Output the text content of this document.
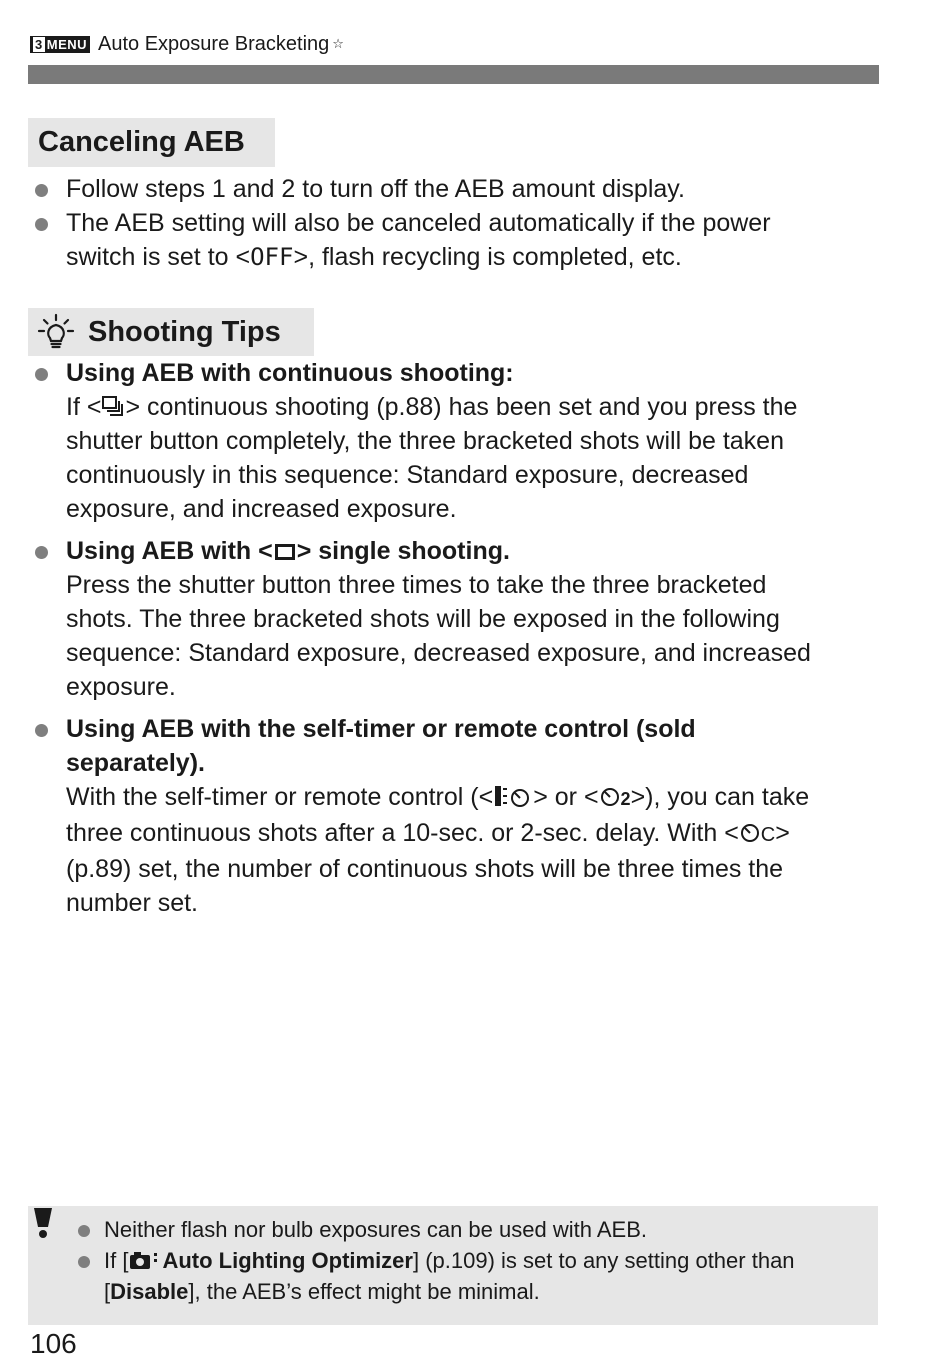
3 MENU Auto Exposure Bracketing ☆
Canceling AEB
Follow steps 1 and 2 to turn off the AEB amount display.
The AEB setting will also be canceled automatically if the power
switch is set to <OFF>, flash recycling is completed, etc.
Shooting Tips
Using AEB with continuous shooting:
If < > continuous shooting (p.88) has been set and you press the
shutter button completely, the three bracketed shots will be taken
continuously in this sequence: Standard exposure, decreased
exposure, and increased exposure.
Using AEB with < > single shooting.
Press the shutter button three times to take the three bracketed
shots. The three bracketed shots will be exposed in the following
sequence: Standard exposure, decreased exposure, and increased
exposure.
Using AEB with the self-timer or remote control (sold
separately).
With the self-timer or remote control (< > or < 2>), you can take
three continuous shots after a 10-sec. or 2-sec. delay. With < C>
(p.89) set, the number of continuous shots will be three times the
number set.
Neither flash nor bulb exposures can be used with AEB.
If [ Auto Lighting Optimizer] (p.109) is set to any setting other than
[Disable], the AEB’s effect might be minimal.
106
